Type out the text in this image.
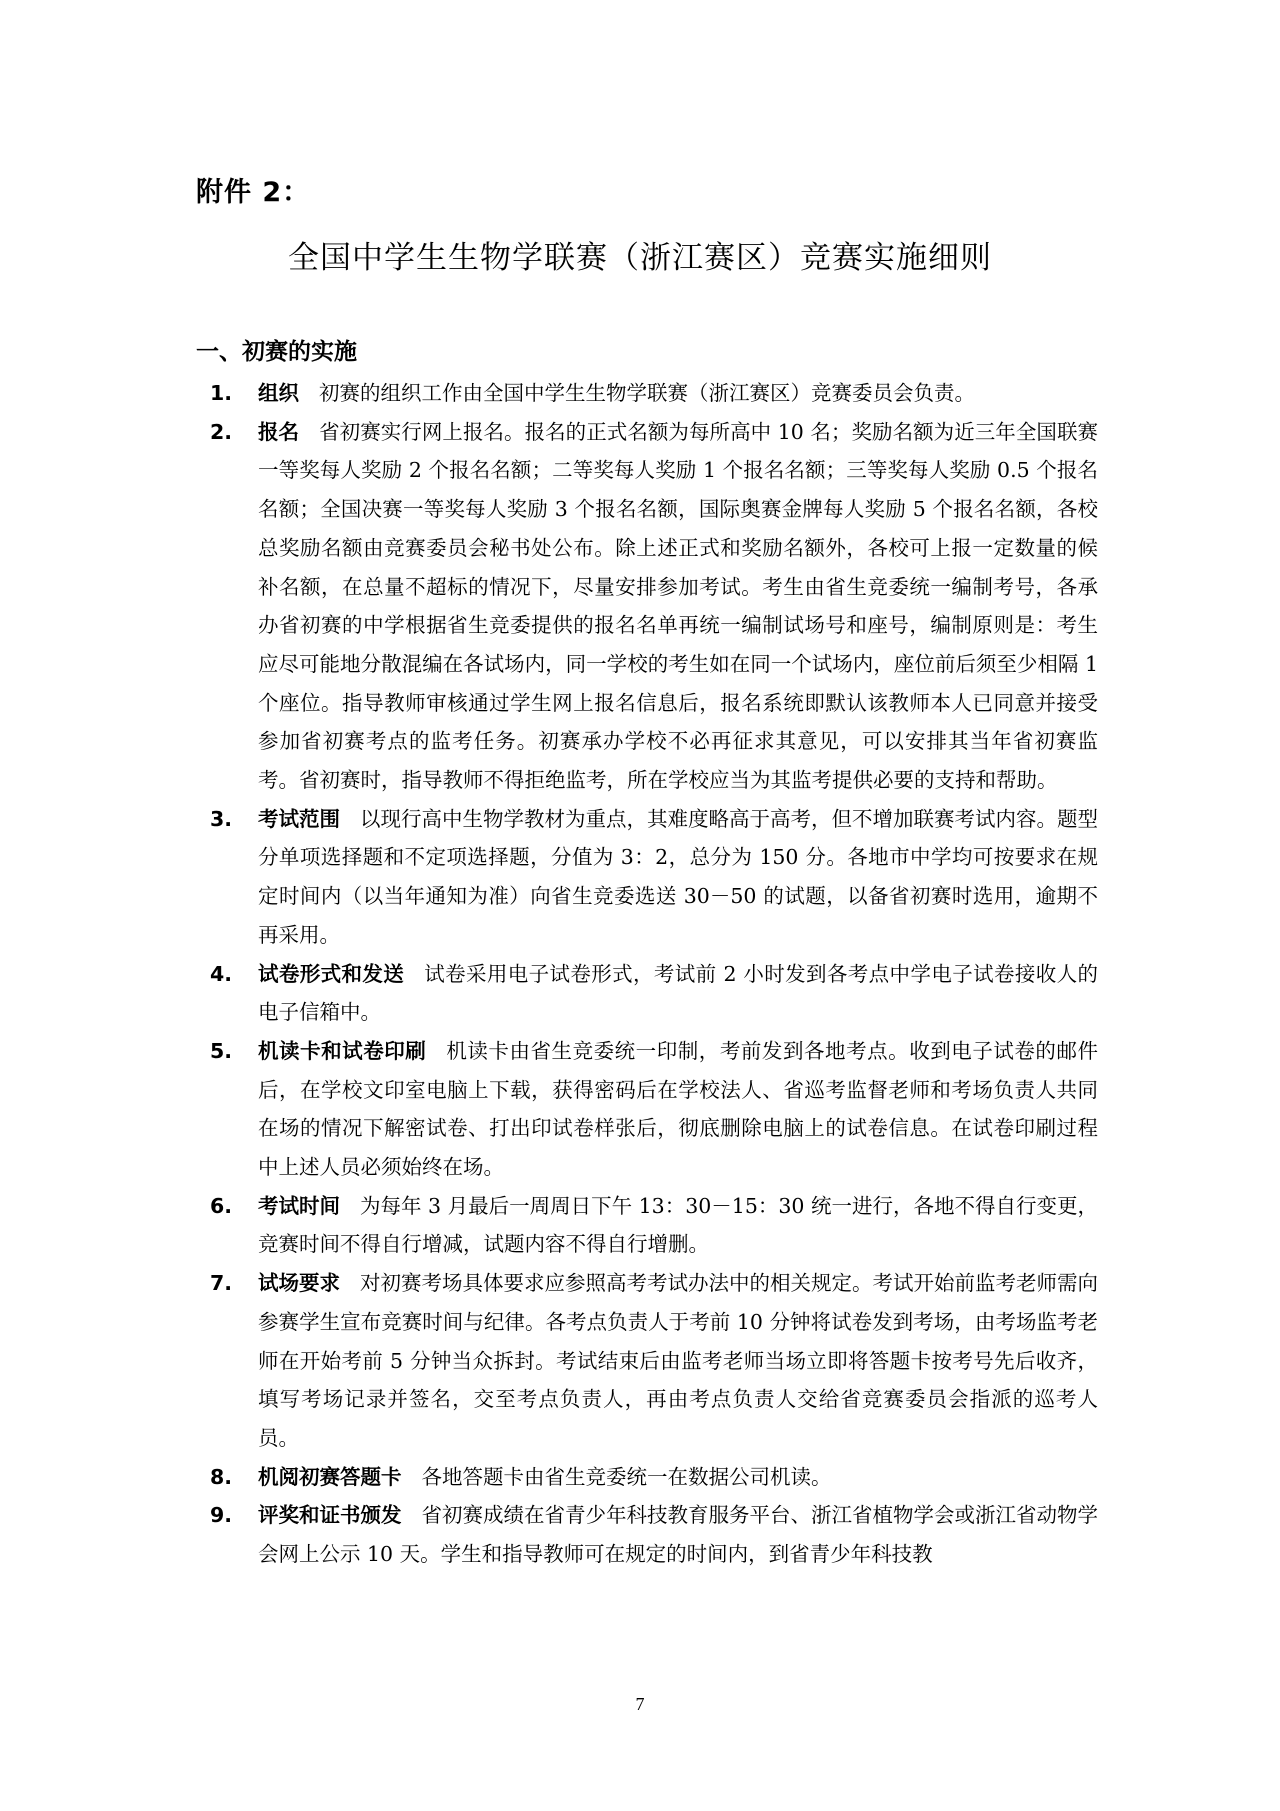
附件 2：
全国中学生生物学联赛（浙江赛区）竞赛实施细则
一、初赛的实施
1. 组织 初赛的组织工作由全国中学生生物学联赛（浙江赛区）竞赛委员会负责。
2. 报名 省初赛实行网上报名。报名的正式名额为每所高中 10 名；奖励名额为近三年全国联赛一等奖每人奖励 2 个报名名额；二等奖每人奖励 1 个报名名额；三等奖每人奖励 0.5 个报名名额；全国决赛一等奖每人奖励 3 个报名名额，国际奥赛金牌每人奖励 5 个报名名额，各校总奖励名额由竞赛委员会秘书处公布。除上述正式和奖励名额外，各校可上报一定数量的候补名额，在总量不超标的情况下，尽量安排参加考试。考生由省生竞委统一编制考号，各承办省初赛的中学根据省生竞委提供的报名名单再统一编制试场号和座号，编制原则是：考生应尽可能地分散混编在各试场内，同一学校的考生如在同一个试场内，座位前后须至少相隔 1 个座位。指导教师审核通过学生网上报名信息后，报名系统即默认该教师本人已同意并接受参加省初赛考点的监考任务。初赛承办学校不必再征求其意见，可以安排其当年省初赛监考。省初赛时，指导教师不得拒绝监考，所在学校应当为其监考提供必要的支持和帮助。
3. 考试范围 以现行高中生物学教材为重点，其难度略高于高考，但不增加联赛考试内容。题型分单项选择题和不定项选择题，分值为 3：2，总分为 150 分。各地市中学均可按要求在规定时间内（以当年通知为准）向省生竞委选送 30－50 的试题，以备省初赛时选用，逾期不再采用。
4. 试卷形式和发送 试卷采用电子试卷形式，考试前 2 小时发到各考点中学电子试卷接收人的电子信箱中。
5. 机读卡和试卷印刷 机读卡由省生竞委统一印制，考前发到各地考点。收到电子试卷的邮件后，在学校文印室电脑上下载，获得密码后在学校法人、省巡考监督老师和考场负责人共同在场的情况下解密试卷、打出印试卷样张后，彻底删除电脑上的试卷信息。在试卷印刷过程中上述人员必须始终在场。
6. 考试时间 为每年 3 月最后一周周日下午 13：30－15：30 统一进行，各地不得自行变更，竞赛时间不得自行增减，试题内容不得自行增删。
7. 试场要求 对初赛考场具体要求应参照高考考试办法中的相关规定。考试开始前监考老师需向参赛学生宣布竞赛时间与纪律。各考点负责人于考前 10 分钟将试卷发到考场，由考场监考老师在开始考前 5 分钟当众拆封。考试结束后由监考老师当场立即将答题卡按考号先后收齐，填写考场记录并签名，交至考点负责人，再由考点负责人交给省竞赛委员会指派的巡考人员。
8. 机阅初赛答题卡 各地答题卡由省生竞委统一在数据公司机读。
9. 评奖和证书颁发 省初赛成绩在省青少年科技教育服务平台、浙江省植物学会或浙江省动物学会网上公示 10 天。学生和指导教师可在规定的时间内，到省青少年科技教
7
